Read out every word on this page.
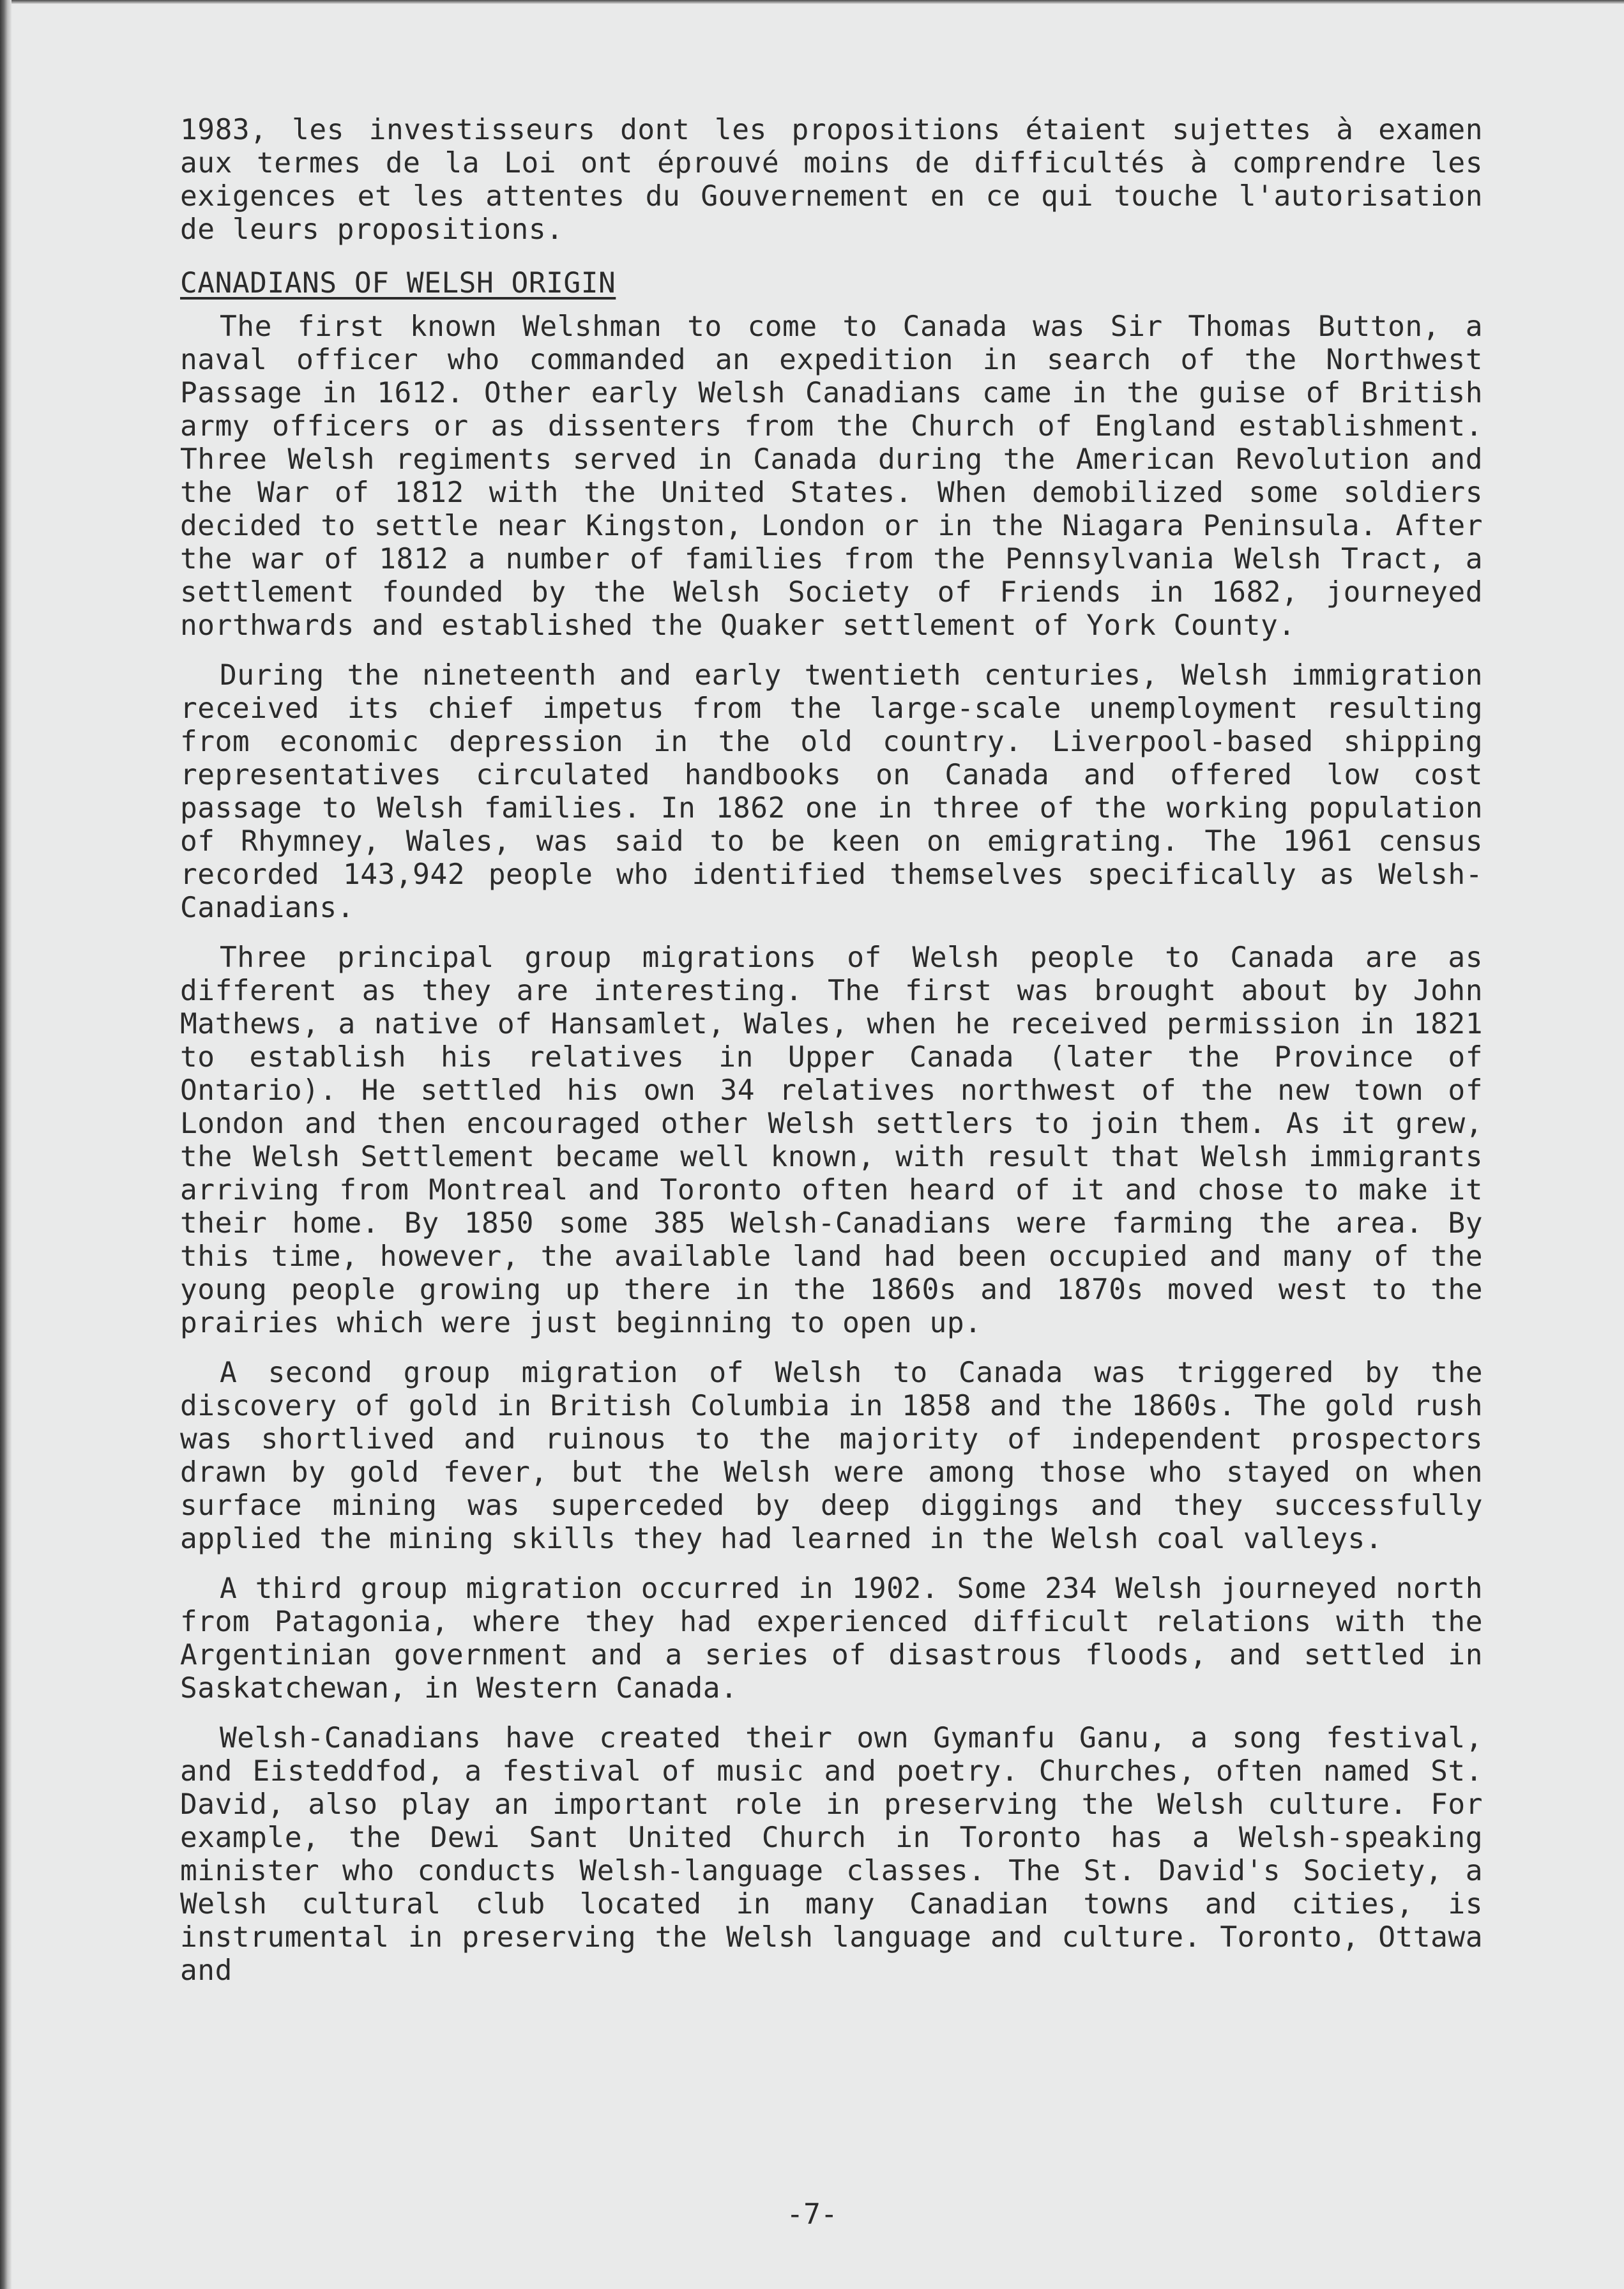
1983, les investisseurs dont les propositions étaient sujettes à examen aux termes de la Loi ont éprouvé moins de difficultés à comprendre les exigences et les attentes du Gouvernement en ce qui touche l'autorisation de leurs propositions.

CANADIANS OF WELSH ORIGIN

The first known Welshman to come to Canada was Sir Thomas Button, a naval officer who commanded an expedition in search of the Northwest Passage in 1612. Other early Welsh Canadians came in the guise of British army officers or as dissenters from the Church of England establishment. Three Welsh regiments served in Canada during the American Revolution and the War of 1812 with the United States. When demobilized some soldiers decided to settle near Kingston, London or in the Niagara Peninsula. After the war of 1812 a number of families from the Pennsylvania Welsh Tract, a settlement founded by the Welsh Society of Friends in 1682, journeyed northwards and established the Quaker settlement of York County.

During the nineteenth and early twentieth centuries, Welsh immigration received its chief impetus from the large-scale unemployment resulting from economic depression in the old country. Liverpool-based shipping representatives circulated handbooks on Canada and offered low cost passage to Welsh families. In 1862 one in three of the working population of Rhymney, Wales, was said to be keen on emigrating. The 1961 census recorded 143,942 people who identified themselves specifically as Welsh-Canadians.

Three principal group migrations of Welsh people to Canada are as different as they are interesting. The first was brought about by John Mathews, a native of Hansamlet, Wales, when he received permission in 1821 to establish his relatives in Upper Canada (later the Province of Ontario). He settled his own 34 relatives northwest of the new town of London and then encouraged other Welsh settlers to join them. As it grew, the Welsh Settlement became well known, with result that Welsh immigrants arriving from Montreal and Toronto often heard of it and chose to make it their home. By 1850 some 385 Welsh-Canadians were farming the area. By this time, however, the available land had been occupied and many of the young people growing up there in the 1860s and 1870s moved west to the prairies which were just beginning to open up.

A second group migration of Welsh to Canada was triggered by the discovery of gold in British Columbia in 1858 and the 1860s. The gold rush was shortlived and ruinous to the majority of independent prospectors drawn by gold fever, but the Welsh were among those who stayed on when surface mining was superceded by deep diggings and they successfully applied the mining skills they had learned in the Welsh coal valleys.

A third group migration occurred in 1902. Some 234 Welsh journeyed north from Patagonia, where they had experienced difficult relations with the Argentinian government and a series of disastrous floods, and settled in Saskatchewan, in Western Canada.

Welsh-Canadians have created their own Gymanfu Ganu, a song festival, and Eisteddfod, a festival of music and poetry. Churches, often named St. David, also play an important role in preserving the Welsh culture. For example, the Dewi Sant United Church in Toronto has a Welsh-speaking minister who conducts Welsh-language classes. The St. David's Society, a Welsh cultural club located in many Canadian towns and cities, is instrumental in preserving the Welsh language and culture. Toronto, Ottawa and

-7-
